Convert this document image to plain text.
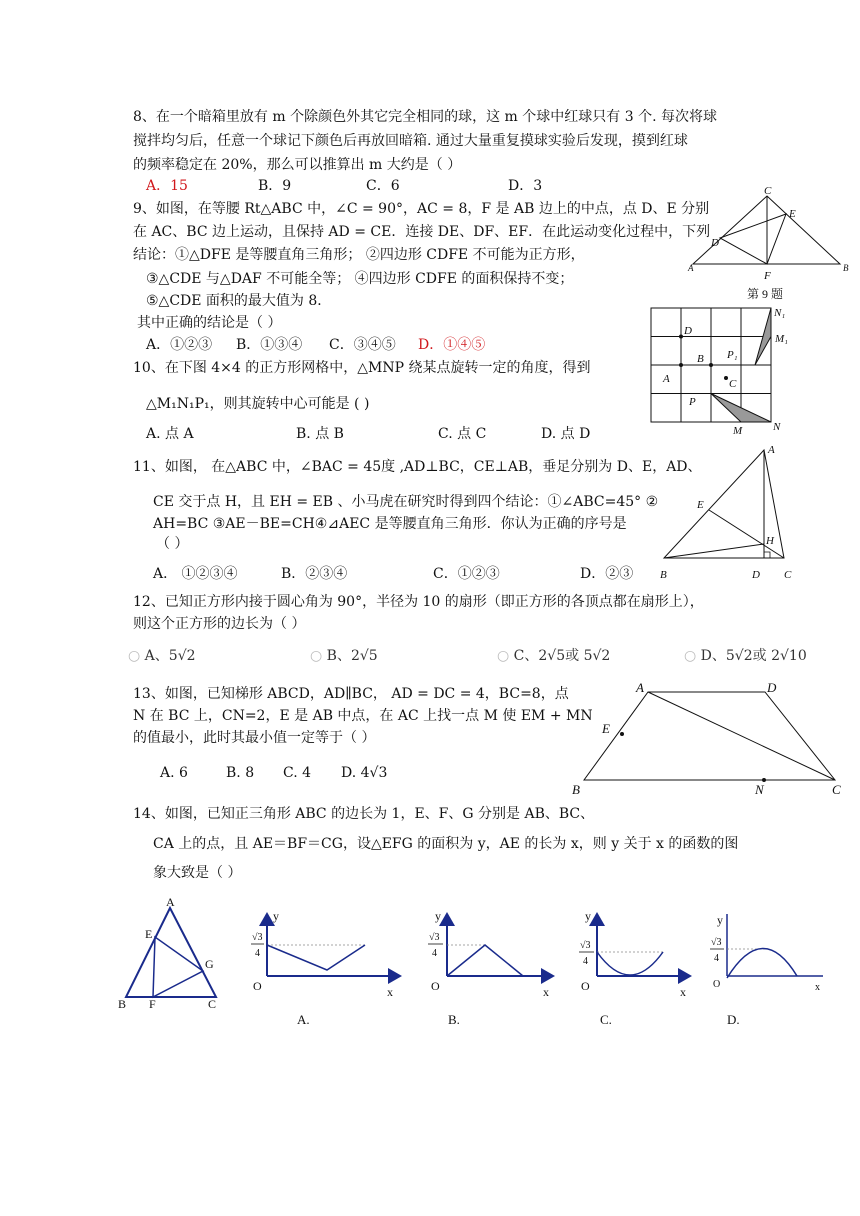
8、在一个暗箱里放有 m 个除颜色外其它完全相同的球，这 m 个球中红球只有 3 个. 每次将球
搅拌均匀后，任意一个球记下颜色后再放回暗箱. 通过大量重复摸球实验后发现，摸到红球
的频率稳定在 20%，那么可以推算出 m 大约是（ ）
A．15	B．9	C．6	D．3
9、如图，在等腰 Rt△ABC 中，∠C = 90°，AC = 8，F 是 AB 边上的中点，点 D、E 分别
在 AC、BC 边上运动，且保持 AD = CE．连接 DE、DF、EF．在此运动变化过程中，下列
结论：①△DFE 是等腰直角三角形； ②四边形 CDFE 不可能为正方形，
③△CDE 与△DAF 不可能全等； ④四边形 CDFE 的面积保持不变；
⑤△CDE 面积的最大值为 8．
其中正确的结论是（ ）
A．①②③ B．①③④ C．③④⑤ D．①④⑤
C
E
D
A
F
B
第 9 题
10、在下图 4×4 的正方形网格中，△MNP 绕某点旋转一定的角度，得到
△M₁N₁P₁，则其旋转中心可能是 ( )
A. 点 A	B. 点 B	C. 点 C	D. 点 D
N₁
M₁
D
P₁
B
A	C
P
M	N
11、如图， 在△ABC 中，∠BAC = 45度 ,AD⊥BC，CE⊥AB，垂足分别为 D、E，AD、
CE 交于点 H，且 EH = EB 、小马虎在研究时得到四个结论：①∠ABC=45° ②
AH=BC ③AE－BE=CH④⊿AEC 是等腰直角三角形．你认为正确的序号是
（ ）
A． ①②③④	B．②③④	C．①②③	D．②③
A
E
H
B	D C
12、已知正方形内接于圆心角为 90°，半径为 10 的扇形（即正方形的各顶点都在扇形上），
则这个正方形的边长为（ ）
○ A、5√2	○ B、2√5	○ C、2√5或 5√2	○ D、5√2或 2√10
13、如图，已知梯形 ABCD，AD∥BC， AD = DC = 4，BC=8，点
N 在 BC 上，CN=2，E 是 AB 中点，在 AC 上找一点 M 使 EM + MN
的值最小，此时其最小值一定等于（ ）
A. 6	B. 8 C. 4 D. 4√3
A	D
E
B	N	C
14、如图，已知正三角形 ABC 的边长为 1，E、F、G 分别是 AB、BC、
CA 上的点，且 AE＝BF＝CG，设△EFG 的面积为 y，AE 的长为 x，则 y 关于 x 的函数的图
象大致是（ ）
A
E
G
B F	C
y
√3
4
O	x
A.
y
√3
4
O	x
B.
y
√3
4
O	x
C.
y
√3
4
O	x
D.
